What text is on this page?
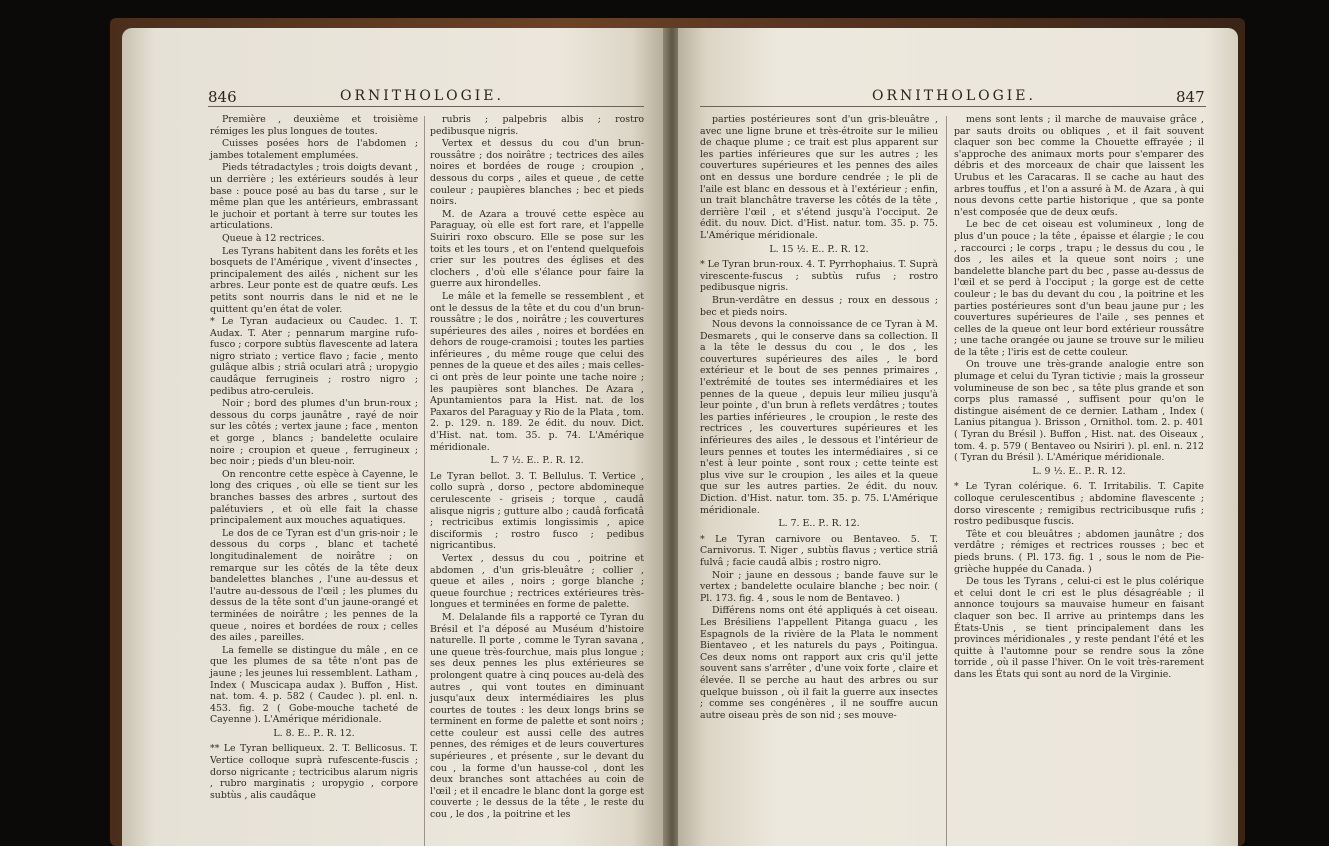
846	ORNITHOLOGIE.

Première , deuxième et troisième rémiges les plus longues de toutes.

Cuisses posées hors de l'abdomen ; jambes totalement emplumées.

Pieds tétradactyles ; trois doigts devant , un derrière ; les extérieurs soudés à leur base : pouce posé au bas du tarse , sur le même plan que les antérieurs, embrassant le juchoir et portant à terre sur toutes les articulations.

Queue à 12 rectrices.

Les Tyrans habitent dans les forêts et les bosquets de l'Amérique , vivent d'insectes , principalement des ailés , nichent sur les arbres. Leur ponte est de quatre œufs. Les petits sont nourris dans le nid et ne le quittent qu'en état de voler.

* Le Tyran audacieux ou Caudec. 1. T. Audax. T. Ater ; pennarum margine rufo-fusco ; corpore subtùs flavescente ad latera nigro striato ; vertice flavo ; facie , mento gulâque albis ; striâ oculari atrâ ; uropygio caudâque ferrugineis ; rostro nigro ; pedibus atro-ceruleis.

Noir ; bord des plumes d'un brun-roux ; dessous du corps jaunâtre , rayé de noir sur les côtés ; vertex jaune ; face , menton et gorge , blancs ; bandelette oculaire noire ; croupion et queue , ferrugineux ; bec noir ; pieds d'un bleu-noir.

On rencontre cette espèce à Cayenne, le long des criques , où elle se tient sur les branches basses des arbres , surtout des palétuviers , et où elle fait la chasse principalement aux mouches aquatiques.

Le dos de ce Tyran est d'un gris-noir ; le dessous du corps , blanc et tacheté longitudinalement de noirâtre ; on remarque sur les côtés de la tête deux bandelettes blanches , l'une au-dessus et l'autre au-dessous de l'œil ; les plumes du dessus de la tête sont d'un jaune-orangé et terminées de noirâtre ; les pennes de la queue , noires et bordées de roux ; celles des ailes , pareilles.

La femelle se distingue du mâle , en ce que les plumes de sa tête n'ont pas de jaune ; les jeunes lui ressemblent. Latham , Index ( Muscicapa audax ). Buffon , Hist. nat. tom. 4. p. 582 ( Caudec ). pl. enl. n. 453. fig. 2 ( Gobe-mouche tacheté de Cayenne ). L'Amérique méridionale.

L. 8. E.. P.. R. 12.

** Le Tyran belliqueux. 2. T. Bellicosus. T. Vertice colloque suprà rufescente-fuscis ; dorso nigricante ; tectricibus alarum nigris , rubro marginatis ; uropygio , corpore subtùs , alis caudâque

rubris ; palpebris albis ; rostro pedibusque nigris.

Vertex et dessus du cou d'un brun-roussâtre ; dos noirâtre ; tectrices des ailes noires et bordées de rouge ; croupion , dessous du corps , ailes et queue , de cette couleur ; paupières blanches ; bec et pieds noirs.

M. de Azara a trouvé cette espèce au Paraguay, où elle est fort rare, et l'appelle Suiriri roxo obscuro. Elle se pose sur les toits et les tours , et on l'entend quelquefois crier sur les poutres des églises et des clochers , d'où elle s'élance pour faire la guerre aux hirondelles.

Le mâle et la femelle se ressemblent , et ont le dessus de la tête et du cou d'un brun-roussâtre ; le dos , noirâtre ; les couvertures supérieures des ailes , noires et bordées en dehors de rouge-cramoisi ; toutes les parties inférieures , du même rouge que celui des pennes de la queue et des ailes ; mais celles-ci ont près de leur pointe une tache noire ; les paupières sont blanches. De Azara , Apuntamientos para la Hist. nat. de los Paxaros del Paraguay y Rio de la Plata , tom. 2. p. 129. n. 189. 2e édit. du nouv. Dict. d'Hist. nat. tom. 35. p. 74. L'Amérique méridionale.

L. 7 ½. E.. P.. R. 12.

Le Tyran bellot. 3. T. Bellulus. T. Vertice , collo suprà , dorso , pectore abdomineque cerulescente - griseis ; torque , caudâ alisque nigris ; gutture albo ; caudâ forficatâ ; rectricibus extimis longissimis , apice disciformis ; rostro fusco ; pedibus nigricantibus.

Vertex , dessus du cou , poitrine et abdomen , d'un gris-bleuâtre ; collier , queue et ailes , noirs ; gorge blanche ; queue fourchue ; rectrices extérieures très-longues et terminées en forme de palette.

M. Delalande fils a rapporté ce Tyran du Brésil et l'a déposé au Muséum d'histoire naturelle. Il porte , comme le Tyran savana , une queue très-fourchue, mais plus longue ; ses deux pennes les plus extérieures se prolongent quatre à cinq pouces au-delà des autres , qui vont toutes en diminuant jusqu'aux deux intermédiaires les plus courtes de toutes : les deux longs brins se terminent en forme de palette et sont noirs ; cette couleur est aussi celle des autres pennes, des rémiges et de leurs couvertures supérieures , et présente , sur le devant du cou , la forme d'un hausse-col , dont les deux branches sont attachées au coin de l'œil ; et il encadre le blanc dont la gorge est couverte ; le dessus de la tête , le reste du cou , le dos , la poitrine et les

ORNITHOLOGIE.	847

parties postérieures sont d'un gris-bleuâtre , avec une ligne brune et très-étroite sur le milieu de chaque plume ; ce trait est plus apparent sur les parties inférieures que sur les autres ; les couvertures supérieures et les pennes des ailes ont en dessus une bordure cendrée ; le pli de l'aile est blanc en dessous et à l'extérieur ; enfin, un trait blanchâtre traverse les côtés de la tête , derrière l'œil , et s'étend jusqu'à l'occiput. 2e édit. du nouv. Dict. d'Hist. natur. tom. 35. p. 75. L'Amérique méridionale.

L. 15 ½. E.. P.. R. 12.

* Le Tyran brun-roux. 4. T. Pyrrhophaius. T. Suprà virescente-fuscus ; subtùs rufus ; rostro pedibusque nigris.

Brun-verdâtre en dessus ; roux en dessous ; bec et pieds noirs.

Nous devons la connoissance de ce Tyran à M. Desmarets , qui le conserve dans sa collection. Il a la tête le dessus du cou , le dos , les couvertures supérieures des ailes , le bord extérieur et le bout de ses pennes primaires , l'extrémité de toutes ses intermédiaires et les pennes de la queue , depuis leur milieu jusqu'à leur pointe , d'un brun à reflets verdâtres ; toutes les parties inférieures , le croupion , le reste des rectrices , les couvertures supérieures et les inférieures des ailes , le dessous et l'intérieur de leurs pennes et toutes les intermédiaires , si ce n'est à leur pointe , sont roux ; cette teinte est plus vive sur le croupion , les ailes et la queue que sur les autres parties. 2e édit. du nouv. Diction. d'Hist. natur. tom. 35. p. 75. L'Amérique méridionale.

L. 7. E.. P.. R. 12.

* Le Tyran carnivore ou Bentaveo. 5. T. Carnivorus. T. Niger , subtùs flavus ; vertice striâ fulvâ ; facie caudâ albis ; rostro nigro.

Noir ; jaune en dessous ; bande fauve sur le vertex ; bandelette oculaire blanche ; bec noir. ( Pl. 173. fig. 4 , sous le nom de Bentaveo. )

Différens noms ont été appliqués à cet oiseau. Les Brésiliens l'appellent Pitanga guacu , les Espagnols de la rivière de la Plata le nomment Bientaveo , et les naturels du pays , Poitingua. Ces deux noms ont rapport aux cris qu'il jette souvent sans s'arrêter , d'une voix forte , claire et élevée. Il se perche au haut des arbres ou sur quelque buisson , où il fait la guerre aux insectes ; comme ses congénères , il ne souffre aucun autre oiseau près de son nid ; ses mouve-

mens sont lents ; il marche de mauvaise grâce , par sauts droits ou obliques , et il fait souvent claquer son bec comme la Chouette effrayée ; il s'approche des animaux morts pour s'emparer des débris et des morceaux de chair que laissent les Urubus et les Caracaras. Il se cache au haut des arbres touffus , et l'on a assuré à M. de Azara , à qui nous devons cette partie historique , que sa ponte n'est composée que de deux œufs.

Le bec de cet oiseau est volumineux , long de plus d'un pouce ; la tête , épaisse et élargie ; le cou , raccourci ; le corps , trapu ; le dessus du cou , le dos , les ailes et la queue sont noirs ; une bandelette blanche part du bec , passe au-dessus de l'œil et se perd à l'occiput ; la gorge est de cette couleur ; le bas du devant du cou , la poitrine et les parties postérieures sont d'un beau jaune pur ; les couvertures supérieures de l'aile , ses pennes et celles de la queue ont leur bord extérieur roussâtre ; une tache orangée ou jaune se trouve sur le milieu de la tête ; l'iris est de cette couleur.

On trouve une très-grande analogie entre son plumage et celui du Tyran tictivie ; mais la grosseur volumineuse de son bec , sa tête plus grande et son corps plus ramassé , suffisent pour qu'on le distingue aisément de ce dernier. Latham , Index ( Lanius pitangua ). Brisson , Ornithol. tom. 2. p. 401 ( Tyran du Brésil ). Buffon , Hist. nat. des Oiseaux , tom. 4. p. 579 ( Bentaveo ou Nsiriri ). pl. enl. n. 212 ( Tyran du Brésil ). L'Amérique méridionale.

L. 9 ½. E.. P.. R. 12.

* Le Tyran colérique. 6. T. Irritabilis. T. Capite colloque cerulescentibus ; abdomine flavescente ; dorso virescente ; remigibus rectricibusque rufis ; rostro pedibusque fuscis.

Tête et cou bleuâtres ; abdomen jaunâtre ; dos verdâtre ; rémiges et rectrices rousses ; bec et pieds bruns. ( Pl. 173. fig. 1 , sous le nom de Pie-grièche huppée du Canada. )

De tous les Tyrans , celui-ci est le plus colérique et celui dont le cri est le plus désagréable ; il annonce toujours sa mauvaise humeur en faisant claquer son bec. Il arrive au printemps dans les États-Unis , se tient principalement dans les provinces méridionales , y reste pendant l'été et les quitte à l'automne pour se rendre sous la zône torride , où il passe l'hiver. On le voit très-rarement dans les États qui sont au nord de la Virginie.
